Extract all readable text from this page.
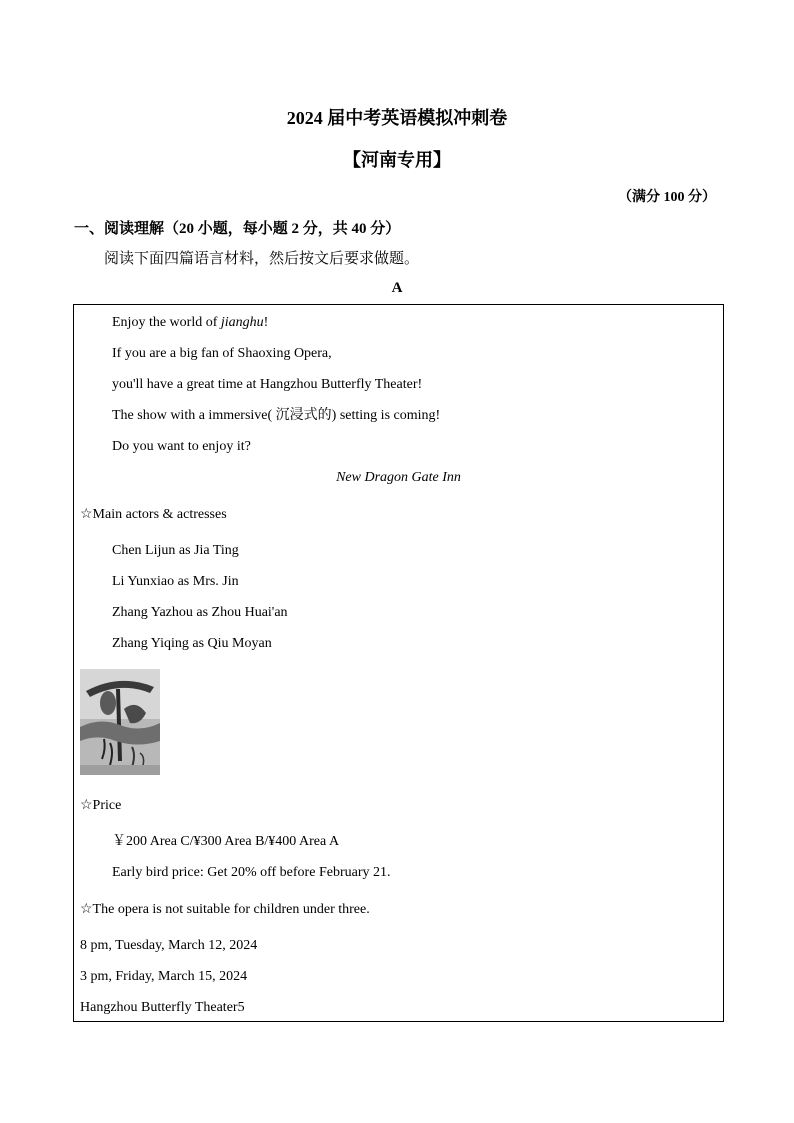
2024 届中考英语模拟冲刺卷
【河南专用】
（满分 100 分）
一、阅读理解（20 小题，每小题 2 分，共 40 分）
阅读下面四篇语言材料，然后按文后要求做题。
A
Enjoy the world of jianghu!
If you are a big fan of Shaoxing Opera,
you'll have a great time at Hangzhou Butterfly Theater!
The show with a immersive( 沉浸式的) setting is coming!
Do you want to enjoy it?
New Dragon Gate Inn
☆Main actors & actresses
Chen Lijun as Jia Ting
Li Yunxiao as Mrs. Jin
Zhang Yazhou as Zhou Huai'an
Zhang Yiqing as Qiu Moyan
☆Price
￥200 Area C/¥300 Area B/¥400 Area A
Early bird price: Get 20% off before February 21.
☆The opera is not suitable for children under three.
8 pm, Tuesday, March 12, 2024
3 pm, Friday, March 15, 2024
Hangzhou Butterfly Theater5
